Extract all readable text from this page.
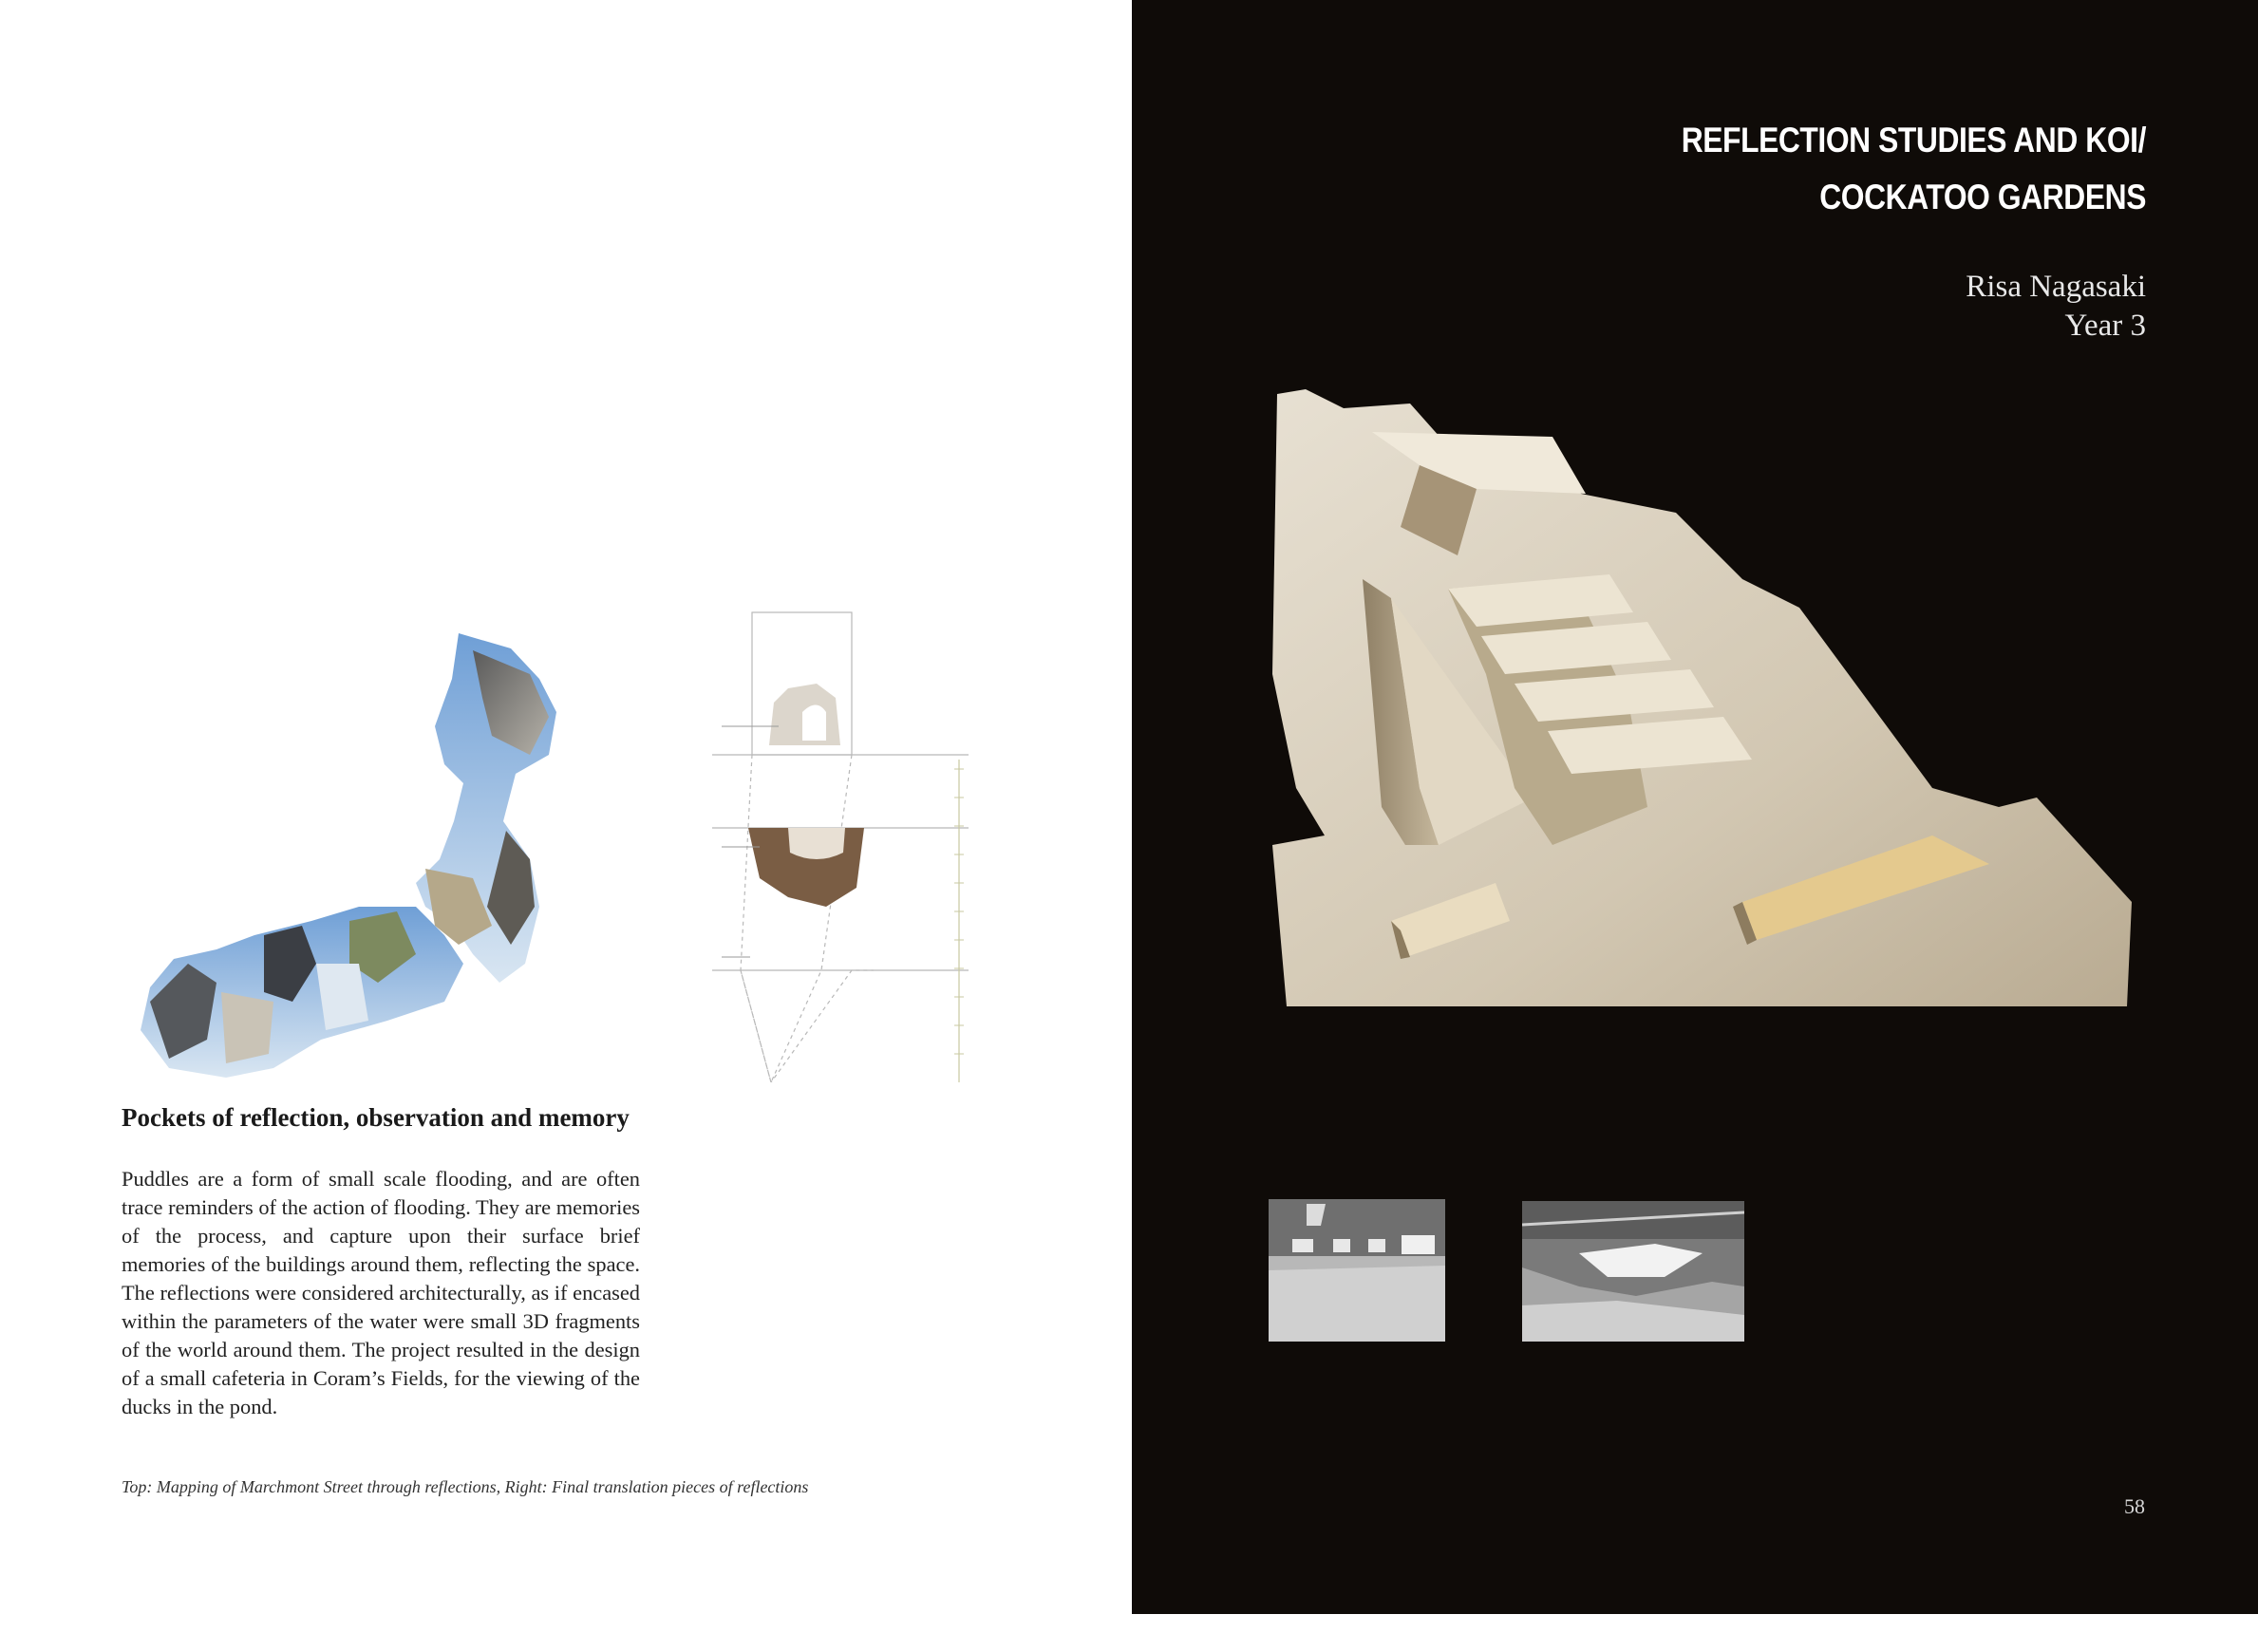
Pockets of reflection, observation and memory
Puddles are a form of small scale flooding, and are often trace reminders of the action of flooding. They are memories of the process, and capture upon their surface brief memories of the buildings around them, reflecting the space. The reflections were considered architecturally, as if encased within the parameters of the water were small 3D fragments of the world around them. The project resulted in the design of a small cafeteria in Coram’s Fields, for the viewing of the ducks in the pond.
Top: Mapping of Marchmont Street through reflections, Right: Final translation pieces of reflections
REFLECTION STUDIES AND KOI/
COCKATOO GARDENS
Risa Nagasaki
Year 3
58
